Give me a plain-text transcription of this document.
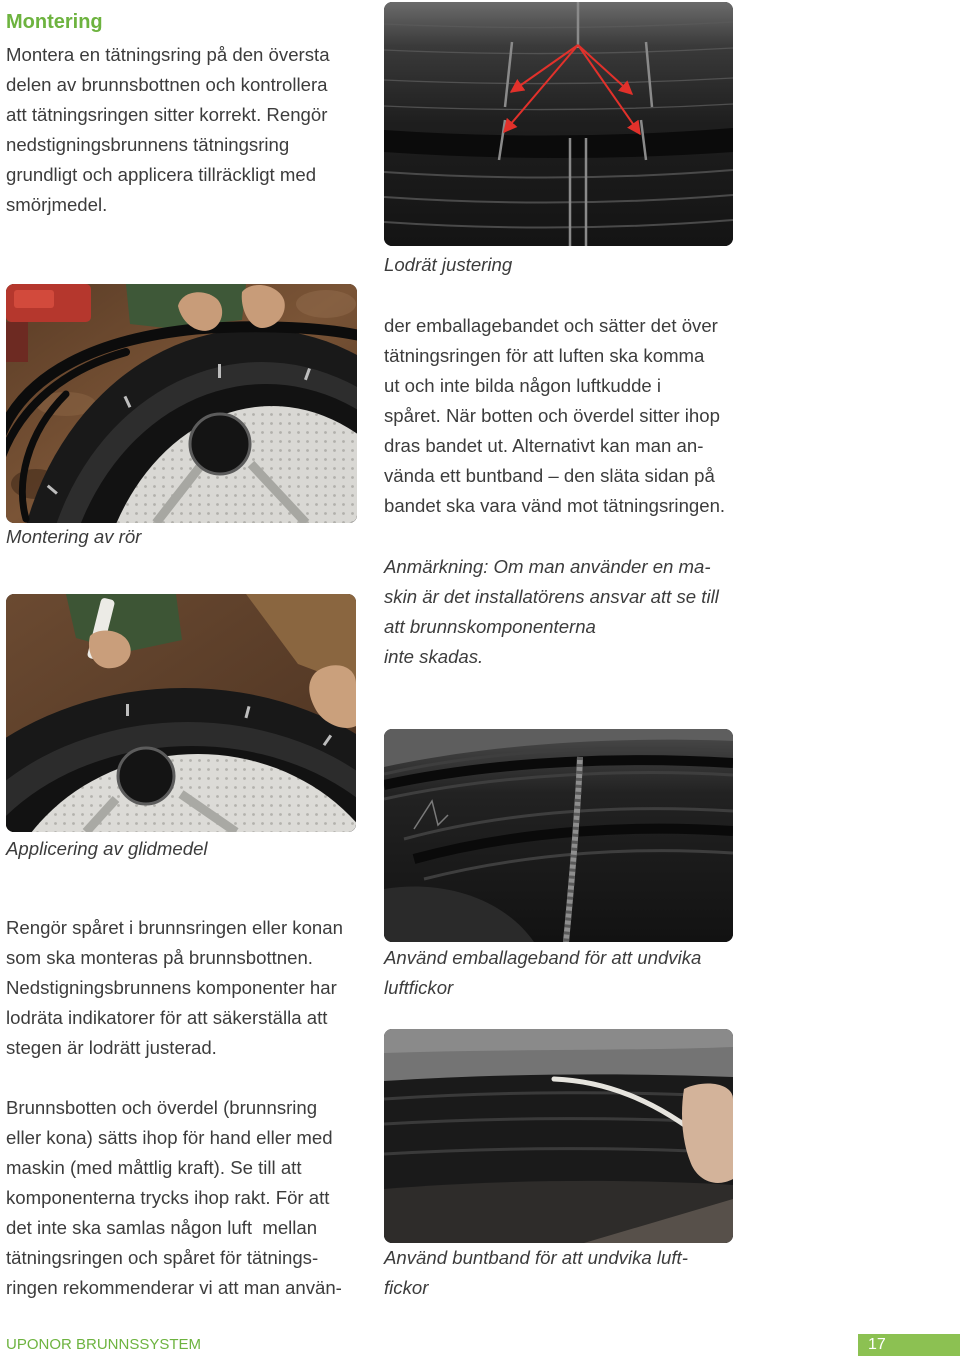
Montering
Montera en tätningsring på den översta
delen av brunnsbottnen och kontrollera
att tätningsringen sitter korrekt. Rengör
nedstigningsbrunnens tätningsring
grundligt och applicera tillräckligt med
smörjmedel.
Montering av rör
Applicering av glidmedel
Rengör spåret i brunnsringen eller konan
som ska monteras på brunnsbottnen.
Nedstigningsbrunnens komponenter har
lodräta indikatorer för att säkerställa att
stegen är lodrätt justerad.
Brunnsbotten och överdel (brunnsring
eller kona) sätts ihop för hand eller med
maskin (med måttlig kraft). Se till att
komponenterna trycks ihop rakt. För att
det inte ska samlas någon luft  mellan
tätningsringen och spåret för tätnings-
ringen rekommenderar vi att man använ-
Lodrät justering
der emballagebandet och sätter det över
tätningsringen för att luften ska komma
ut och inte bilda någon luftkudde i
spåret. När botten och överdel sitter ihop
dras bandet ut. Alternativt kan man an-
vända ett buntband – den släta sidan på
bandet ska vara vänd mot tätningsringen.
Anmärkning: Om man använder en ma-
skin är det installatörens ansvar att se till
att brunnskomponenterna
inte skadas.
Använd emballageband för att undvika
luftfickor
Använd buntband för att undvika luft-
fickor
UPONOR BRUNNSSYSTEM	17
